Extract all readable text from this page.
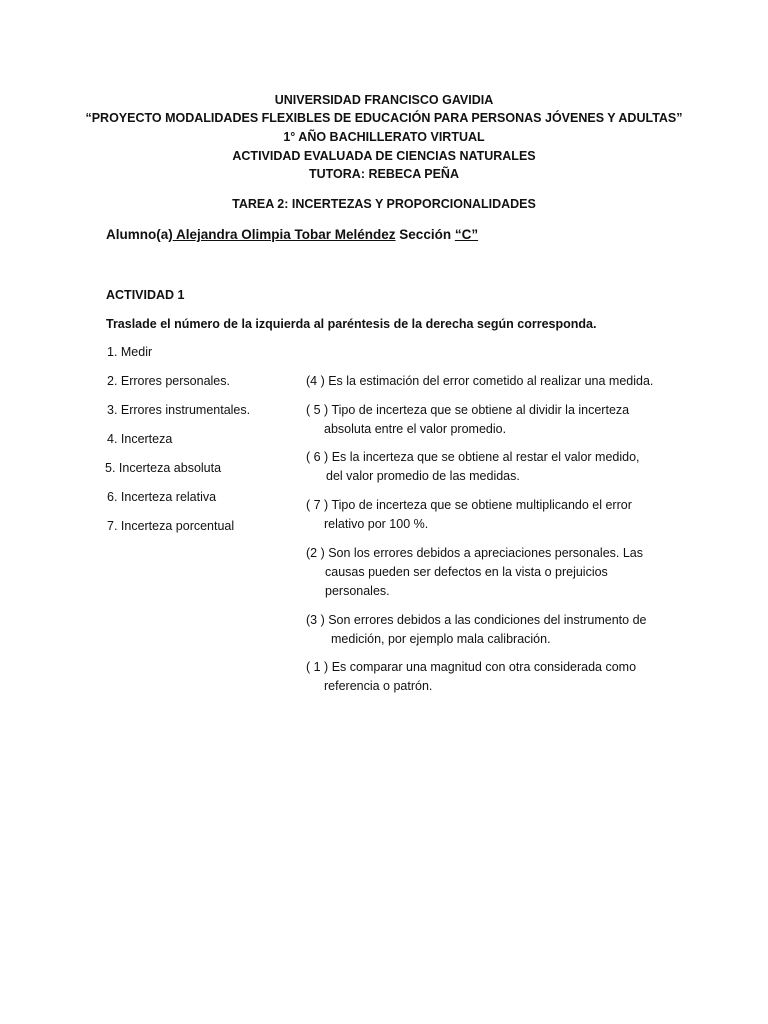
UNIVERSIDAD FRANCISCO GAVIDIA
“PROYECTO MODALIDADES FLEXIBLES DE EDUCACIÓN PARA PERSONAS JÓVENES Y ADULTAS”
1° AÑO BACHILLERATO VIRTUAL
ACTIVIDAD EVALUADA DE CIENCIAS NATURALES
TUTORA: REBECA PEÑA
TAREA 2: INCERTEZAS Y PROPORCIONALIDADES
Alumno(a) Alejandra Olimpia Tobar Meléndez Sección “C”
ACTIVIDAD 1
Traslade el número de la izquierda al paréntesis de la derecha según corresponda.
1. Medir
2. Errores personales.
3. Errores instrumentales.
4. Incerteza
5. Incerteza absoluta
6. Incerteza relativa
7. Incerteza porcentual

(4 ) Es la estimación del error cometido al realizar una medida.

( 5 ) Tipo de incerteza que se obtiene al dividir la incerteza

absoluta entre el valor promedio.

( 6 ) Es la incerteza que se obtiene al restar el valor medido,

del valor promedio de las medidas.

( 7 ) Tipo de incerteza que se obtiene multiplicando el error

relativo por 100 %.

(2 ) Son los errores debidos a apreciaciones personales. Las

causas pueden ser defectos en la vista o prejuicios

personales.

(3 ) Son errores debidos a las condiciones del instrumento de

medición, por ejemplo mala calibración.

( 1 ) Es comparar una magnitud con otra considerada como

referencia o patrón.
